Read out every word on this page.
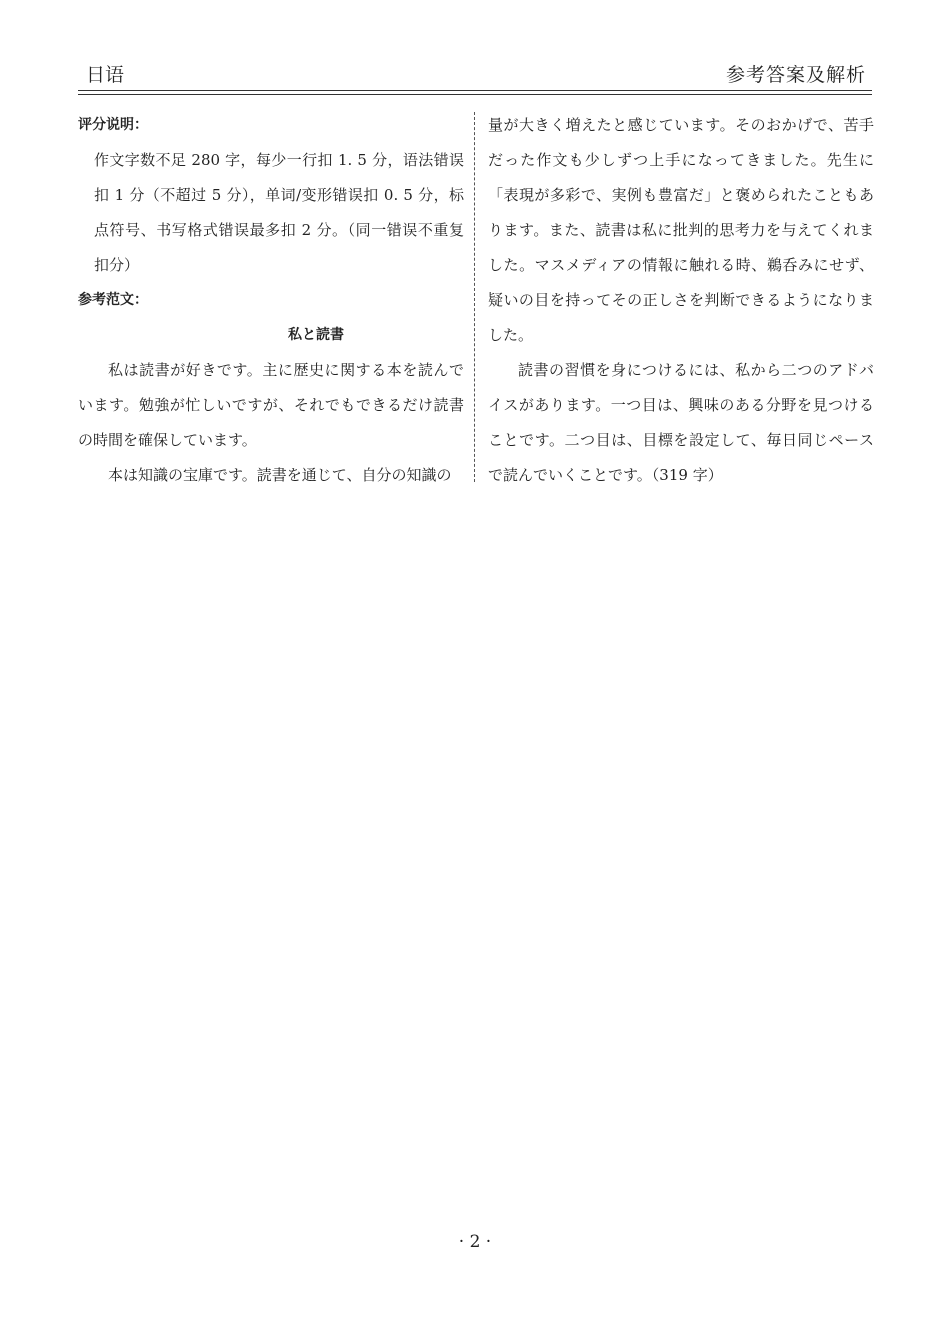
日语	参考答案及解析

评分说明：

作文字数不足 280 字，每少一行扣 1. 5 分，语法错误扣 1 分（不超过 5 分），单词/变形错误扣 0. 5 分，标点符号、书写格式错误最多扣 2 分。（同一错误不重复扣分）

参考范文：

私と読書

私は読書が好きです。主に歴史に関する本を読んでいます。勉強が忙しいですが、それでもできるだけ読書の時間を確保しています。

本は知識の宝庫です。読書を通じて、自分の知識の

量が大きく増えたと感じています。そのおかげで、苦手だった作文も少しずつ上手になってきました。先生に「表現が多彩で、実例も豊富だ」と褒められたこともあります。また、読書は私に批判的思考力を与えてくれました。マスメディアの情報に触れる時、鵜呑みにせず、疑いの目を持ってその正しさを判断できるようになりました。

読書の習慣を身につけるには、私から二つのアドバイスがあります。一つ目は、興味のある分野を見つけることです。二つ目は、目標を設定して、毎日同じペースで読んでいくことです。（319 字）

· 2 ·
